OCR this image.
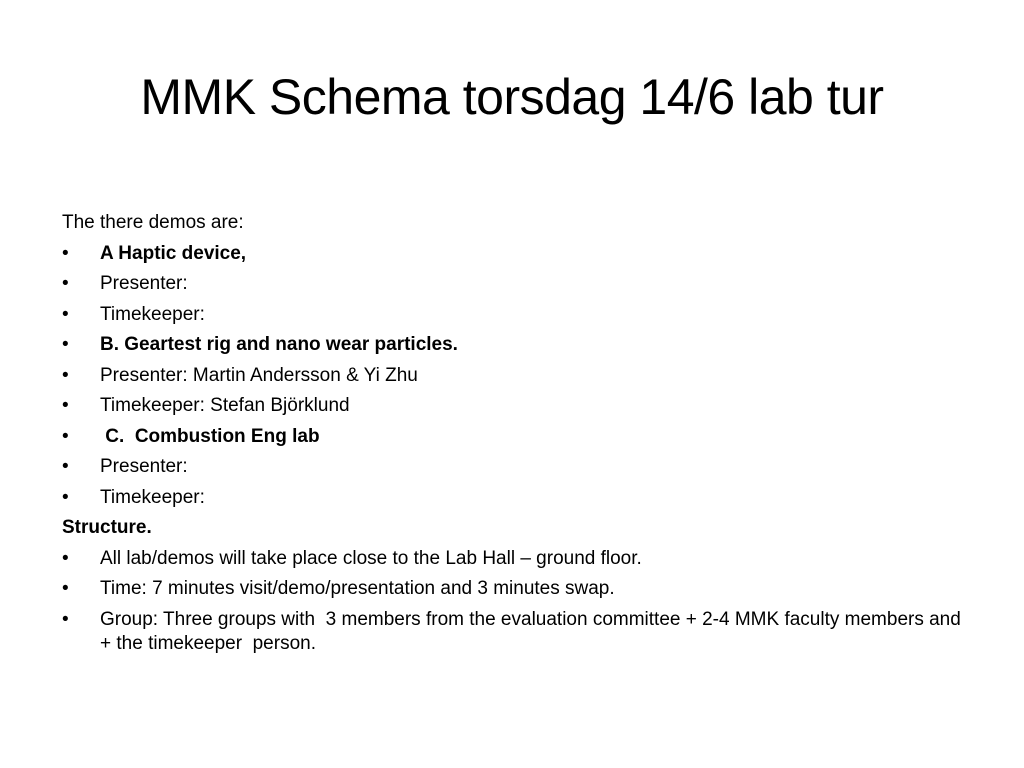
MMK Schema torsdag 14/6 lab tur
The there demos are:
•	A Haptic device,
•	Presenter:
•	Timekeeper:
•	B. Geartest rig and nano wear particles.
•	Presenter: Martin Andersson & Yi Zhu
•	Timekeeper: Stefan Björklund
•	C.  Combustion Eng lab
•	Presenter:
•	Timekeeper:
Structure.
•	All lab/demos will take place close to the Lab Hall – ground floor.
•	Time: 7 minutes visit/demo/presentation and 3 minutes swap.
•	Group: Three groups with  3 members from the evaluation committee + 2-4 MMK faculty members and + the timekeeper  person.
